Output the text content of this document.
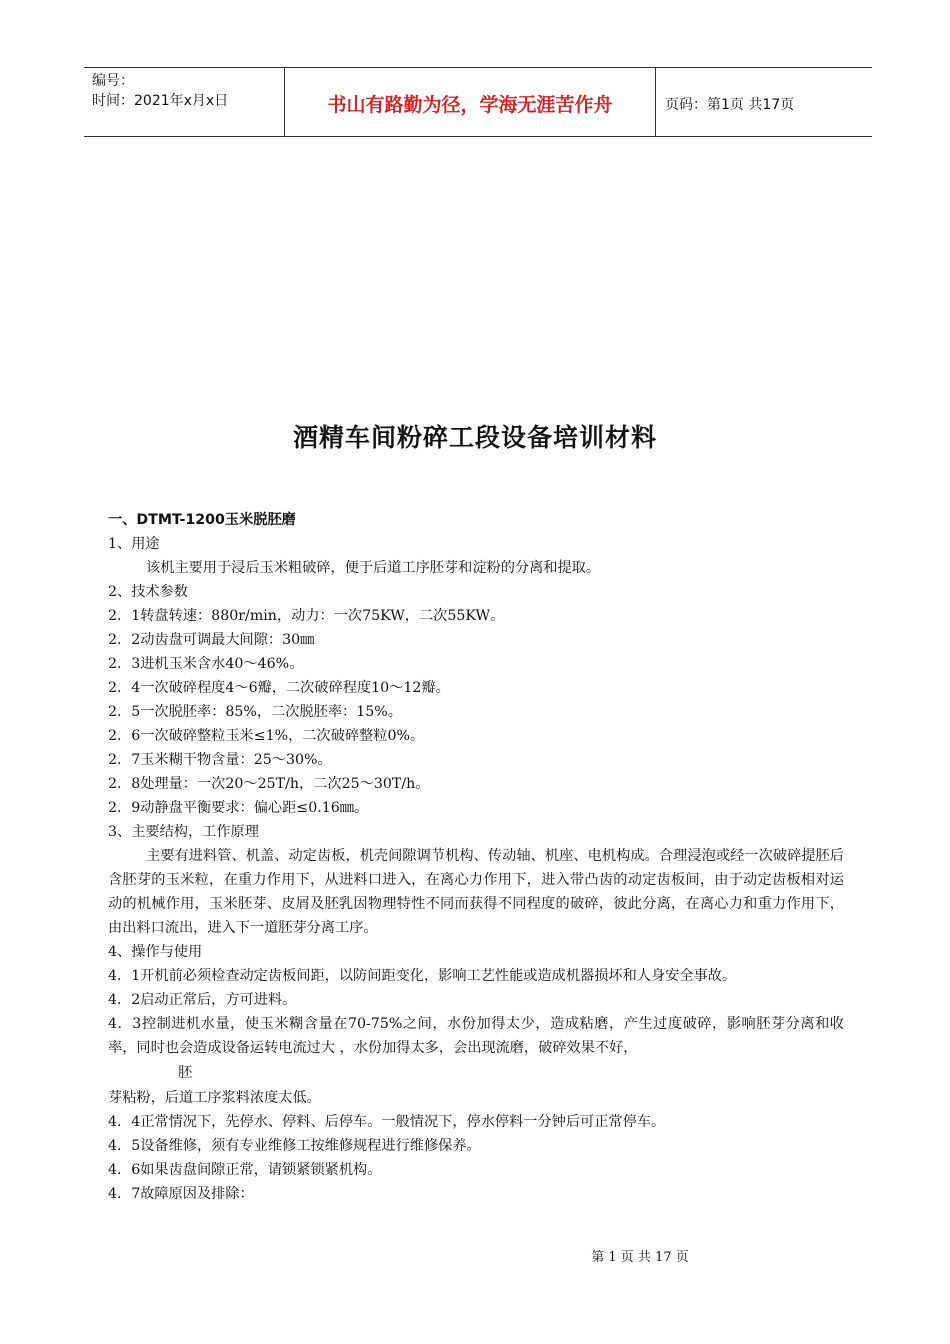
编号：
时间：2021年x月x日	书山有路勤为径，学海无涯苦作舟	页码：第1页 共17页
酒精车间粉碎工段设备培训材料
一、DTMT-1200玉米脱胚磨
1、用途
该机主要用于浸后玉米粗破碎，便于后道工序胚芽和淀粉的分离和提取。
2、技术参数
2．1转盘转速：880r/min，动力：一次75KW，二次55KW。
2．2动齿盘可调最大间隙：30㎜
2．3进机玉米含水40～46%。
2．4一次破碎程度4～6瓣，二次破碎程度10～12瓣。
2．5一次脱胚率：85%，二次脱胚率：15%。
2．6一次破碎整粒玉米≤1%，二次破碎整粒0%。
2．7玉米糊干物含量：25～30%。
2．8处理量：一次20～25T/h，二次25～30T/h。
2．9动静盘平衡要求：偏心距≤0.16㎜。
3、主要结构，工作原理

主要有进料管、机盖、动定齿板，机壳间隙调节机构、传动轴、机座、电机构成。合理浸泡或经一次破碎提胚后含胚芽的玉米粒，在重力作用下，从进料口进入，在离心力作用下，进入带凸齿的动定齿板间，由于动定齿板相对运动的机械作用，玉米胚芽、皮屑及胚乳因物理特性不同而获得不同程度的破碎，彼此分离，在离心力和重力作用下，由出料口流出，进入下一道胚芽分离工序。

4、操作与使用
4．1开机前必须检查动定齿板间距，以防间距变化，影响工艺性能或造成机器损坏和人身安全事故。
4．2启动正常后，方可进料。

4．3控制进机水量，使玉米糊含量在70-75%之间，水份加得太少，造成粘磨，产生过度破碎，影响胚芽分离和收率，同时也会造成设备运转电流过大 ，水份加得太多，会出现流磨，破碎效果不好，

胚
芽粘粉，后道工序浆料浓度太低。
4．4正常情况下，先停水、停料、后停车。一般情况下，停水停料一分钟后可正常停车。
4．5设备维修，须有专业维修工按维修规程进行维修保养。
4．6如果齿盘间隙正常，请锁紧锁紧机构。
4．7故障原因及排除：
第 1 页 共 17 页
